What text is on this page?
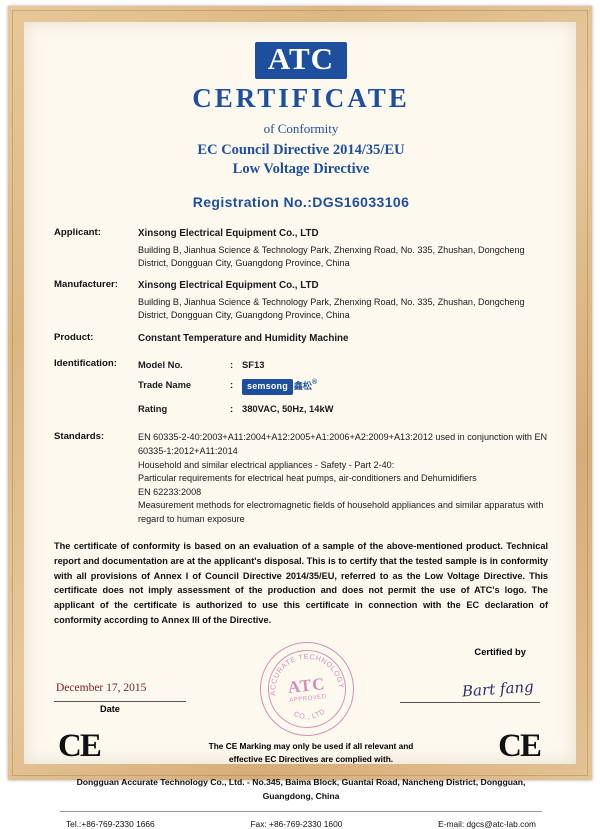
ATC
CERTIFICATE
of Conformity
EC Council Directive 2014/35/EU
Low Voltage Directive
Registration No.:DGS16033106
Applicant:	Xinsong Electrical Equipment Co., LTD
Building B, Jianhua Science & Technology Park, Zhenxing Road, No. 335, Zhushan, Dongcheng District, Dongguan City, Guangdong Province, China
Manufacturer:	Xinsong Electrical Equipment Co., LTD
Building B, Jianhua Science & Technology Park, Zhenxing Road, No. 335, Zhushan, Dongcheng District, Dongguan City, Guangdong Province, China
Product:	Constant Temperature and Humidity Machine
Identification:	Model No.	:	SF13
Trade Name	:	semsong 鑫松®
Rating	:	380VAC, 50Hz, 14kW
Standards:	EN 60335-2-40:2003+A11:2004+A12:2005+A1:2006+A2:2009+A13:2012 used in conjunction with EN 60335-1:2012+A11:2014
Household and similar electrical appliances - Safety - Part 2-40:
Particular requirements for electrical heat pumps, air-conditioners and Dehumidifiers
EN 62233:2008
Measurement methods for electromagnetic fields of household appliances and similar apparatus with regard to human exposure
The certificate of conformity is based on an evaluation of a sample of the above-mentioned product. Technical report and documentation are at the applicant's disposal. This is to certify that the tested sample is in conformity with all provisions of Annex I of Council Directive 2014/35/EU, referred to as the Low Voltage Directive. This certificate does not imply assessment of the production and does not permit the use of ATC's logo. The applicant of the certificate is authorized to use this certificate in connection with the EC declaration of conformity according to Annex III of the Directive.
Certified by
Bart fang
December 17, 2015
Date
ACCURATE TECHNOLOGY
CO., LTD
ATC
APPROVED
CE	The CE Marking may only be used if all relevant and
effective EC Directives are complied with.	CE
Dongguan Accurate Technology Co., Ltd. - No.345, Baima Block, Guantai Road, Nancheng District, Dongguan,
Guangdong, China
Tel.:+86-769-2330 1666	Fax: +86-769-2330 1600	E-mail: dgcs@atc-lab.com
